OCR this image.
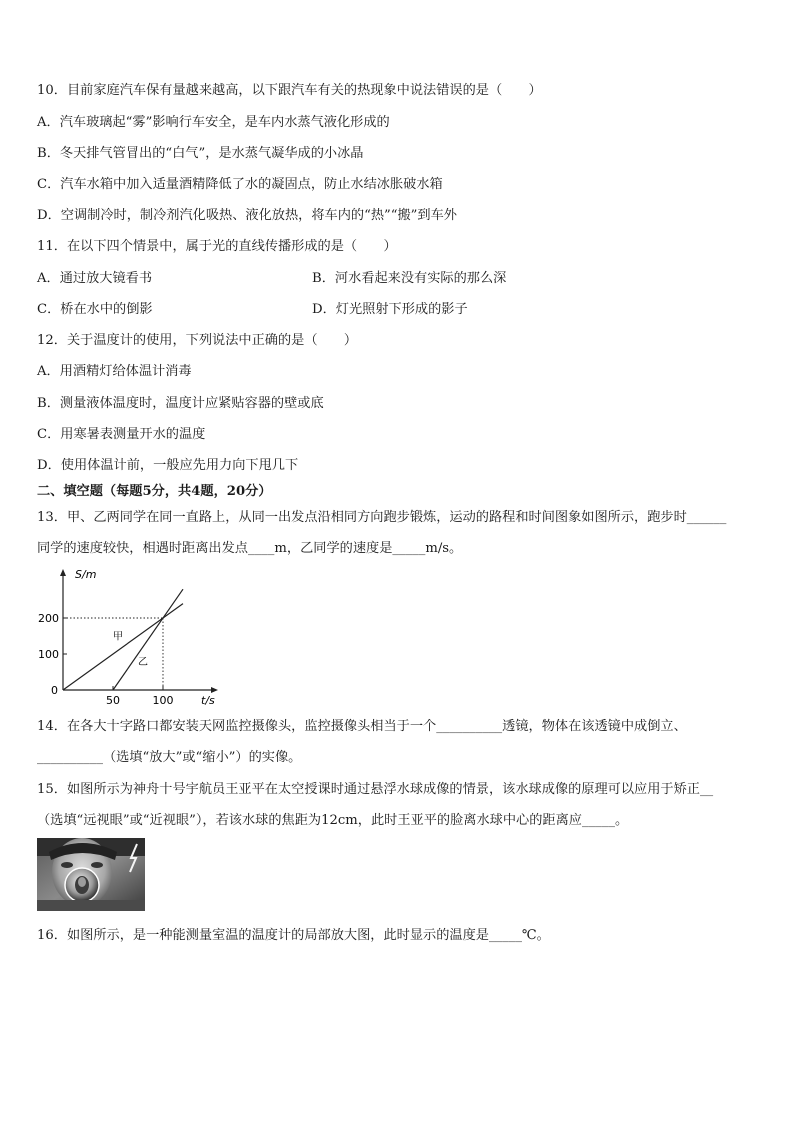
10．目前家庭汽车保有量越来越高，以下跟汽车有关的热现象中说法错误的是（　　）
A．汽车玻璃起“雾”影响行车安全，是车内水蒸气液化形成的
B．冬天排气管冒出的“白气”，是水蒸气凝华成的小冰晶
C．汽车水箱中加入适量酒精降低了水的凝固点，防止水结冰胀破水箱
D．空调制冷时，制冷剂汽化吸热、液化放热，将车内的“热”“搬”到车外
11．在以下四个情景中，属于光的直线传播形成的是（　　）
A．通过放大镜看书	B．河水看起来没有实际的那么深
C．桥在水中的倒影	D．灯光照射下形成的影子
12．关于温度计的使用，下列说法中正确的是（　　）
A．用酒精灯给体温计消毒
B．测量液体温度时，温度计应紧贴容器的壁或底
C．用寒暑表测量开水的温度
D．使用体温计前，一般应先用力向下甩几下
二、填空题（每题5分，共4题，20分）
13．甲、乙两同学在同一直路上，从同一出发点沿相同方向跑步锻炼，运动的路程和时间图象如图所示，跑步时______
同学的速度较快，相遇时距离出发点____m，乙同学的速度是_____m/s。
S/m
t/s
0
100
200
50	100
甲
乙
14．在各大十字路口都安装天网监控摄像头，监控摄像头相当于一个__________透镜，物体在该透镜中成倒立、
__________（选填“放大”或“缩小”）的实像。
15．如图所示为神舟十号宇航员王亚平在太空授课时通过悬浮水球成像的情景，该水球成像的原理可以应用于矫正__
（选填“远视眼”或“近视眼”），若该水球的焦距为12cm，此时王亚平的脸离水球中心的距离应_____。
16．如图所示，是一种能测量室温的温度计的局部放大图，此时显示的温度是_____℃。
